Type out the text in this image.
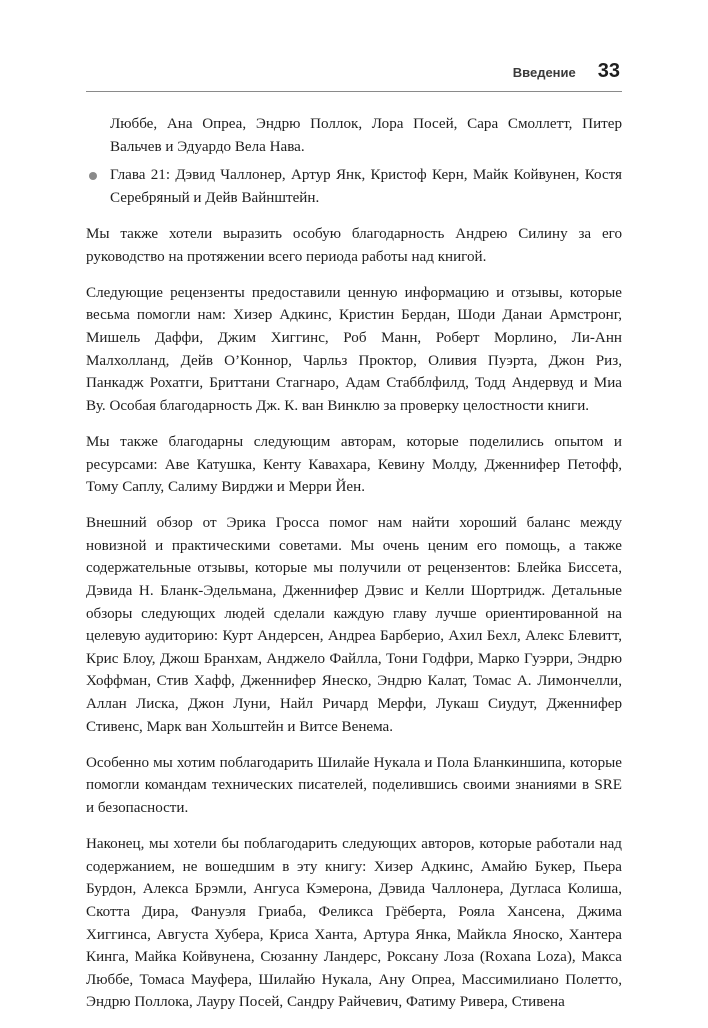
Введение 33

Люббе, Ана Опреа, Эндрю Поллок, Лора Посей, Сара Смоллетт, Питер Вальчев и Эдуардо Вела Нава.

Глава 21: Дэвид Чаллонер, Артур Янк, Кристоф Керн, Майк Койвунен, Костя Серебряный и Дейв Вайнштейн.

Мы также хотели выразить особую благодарность Андрею Силину за его руководство на протяжении всего периода работы над книгой.

Следующие рецензенты предоставили ценную информацию и отзывы, которые весьма помогли нам: Хизер Адкинс, Кристин Бердан, Шоди Данаи Армстронг, Мишель Даффи, Джим Хиггинс, Роб Манн, Роберт Морлино, Ли-Анн Малхолланд, Дейв О’Коннор, Чарльз Проктор, Оливия Пуэрта, Джон Риз, Панкадж Рохатги, Бриттани Стагнаро, Адам Стабблфилд, Тодд Андервуд и Миа Ву. Особая благодарность Дж. К. ван Винклю за проверку целостности книги.

Мы также благодарны следующим авторам, которые поделились опытом и ресурсами: Аве Катушка, Кенту Кавахара, Кевину Молду, Дженнифер Петофф, Тому Саплу, Салиму Вирджи и Мерри Йен.

Внешний обзор от Эрика Гросса помог нам найти хороший баланс между новизной и практическими советами. Мы очень ценим его помощь, а также содержательные отзывы, которые мы получили от рецензентов: Блейка Биссета, Дэвида Н. Бланк-Эдельмана, Дженнифер Дэвис и Келли Шортридж. Детальные обзоры следующих людей сделали каждую главу лучше ориентированной на целевую аудиторию: Курт Андерсен, Андреа Барберио, Ахил Бехл, Алекс Блевитт, Крис Блоу, Джош Бранхам, Анджело Файлла, Тони Годфри, Марко Гуэрри, Эндрю Хоффман, Стив Хафф, Дженнифер Янеско, Эндрю Калат, Томас А. Лимончелли, Аллан Лиска, Джон Луни, Найл Ричард Мерфи, Лукаш Сиудут, Дженнифер Стивенс, Марк ван Хольштейн и Витсе Венема.

Особенно мы хотим поблагодарить Шилайе Нукала и Пола Бланкиншипа, которые помогли командам технических писателей, поделившись своими знаниями в SRE и безопасности.

Наконец, мы хотели бы поблагодарить следующих авторов, которые работали над содержанием, не вошедшим в эту книгу: Хизер Адкинс, Амайю Букер, Пьера Бурдон, Алекса Брэмли, Ангуса Кэмерона, Дэвида Чаллонера, Дугласа Колиша, Скотта Дира, Фануэля Гриаба, Феликса Грёберта, Рояла Хансена, Джима Хиггинса, Августа Хубера, Криса Ханта, Артура Янка, Майкла Яноско, Хантера Кинга, Майка Койвунена, Сюзанну Ландерс, Роксану Лоза (Roxana Loza), Макса Люббе, Томаса Мауфера, Шилайю Нукала, Ану Опреа, Массимилиано Полетто, Эндрю Поллока, Лауру Посей, Сандру Райчевич, Фатиму Ривера, Стивена
